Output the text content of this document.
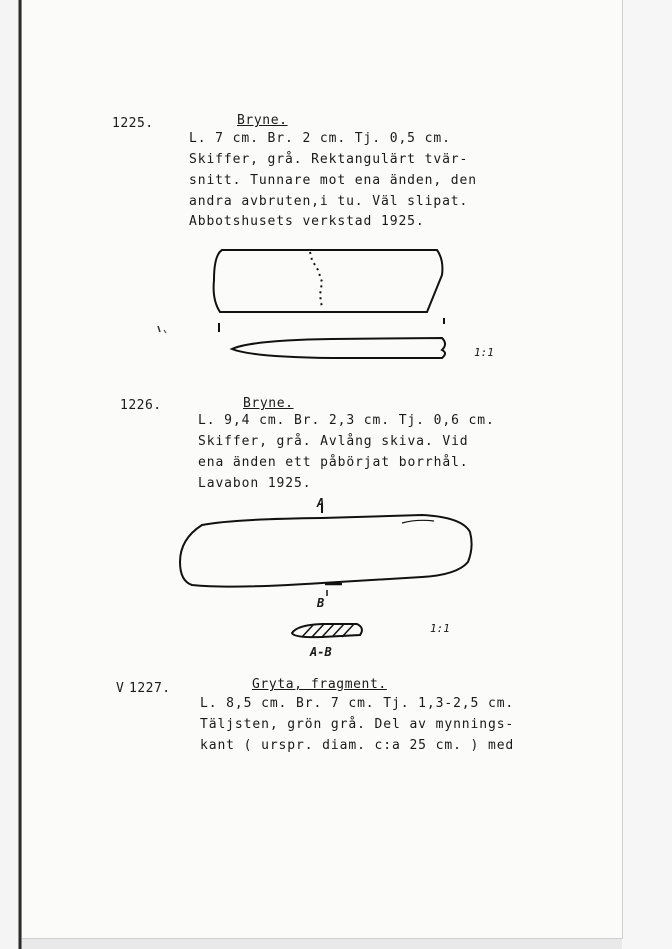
1225.	Bryne.
L. 7 cm. Br. 2 cm. Tj. 0,5 cm.
Skiffer, grå. Rektangulärt tvär-
snitt. Tunnare mot ena änden, den
andra avbruten,i tu. Väl slipat.
Abbotshusets verkstad 1925.
1:1
1226.	Bryne.
L. 9,4 cm. Br. 2,3 cm. Tj. 0,6 cm.
Skiffer, grå. Avlång skiva. Vid
ena änden ett påbörjat borrhål.
Lavabon 1925.
A
B
A-B
1:1
V 1227.	Gryta, fragment.
L. 8,5 cm. Br. 7 cm. Tj. 1,3-2,5 cm.
Täljsten, grön grå. Del av mynnings-
kant ( urspr. diam. c:a 25 cm. ) med
